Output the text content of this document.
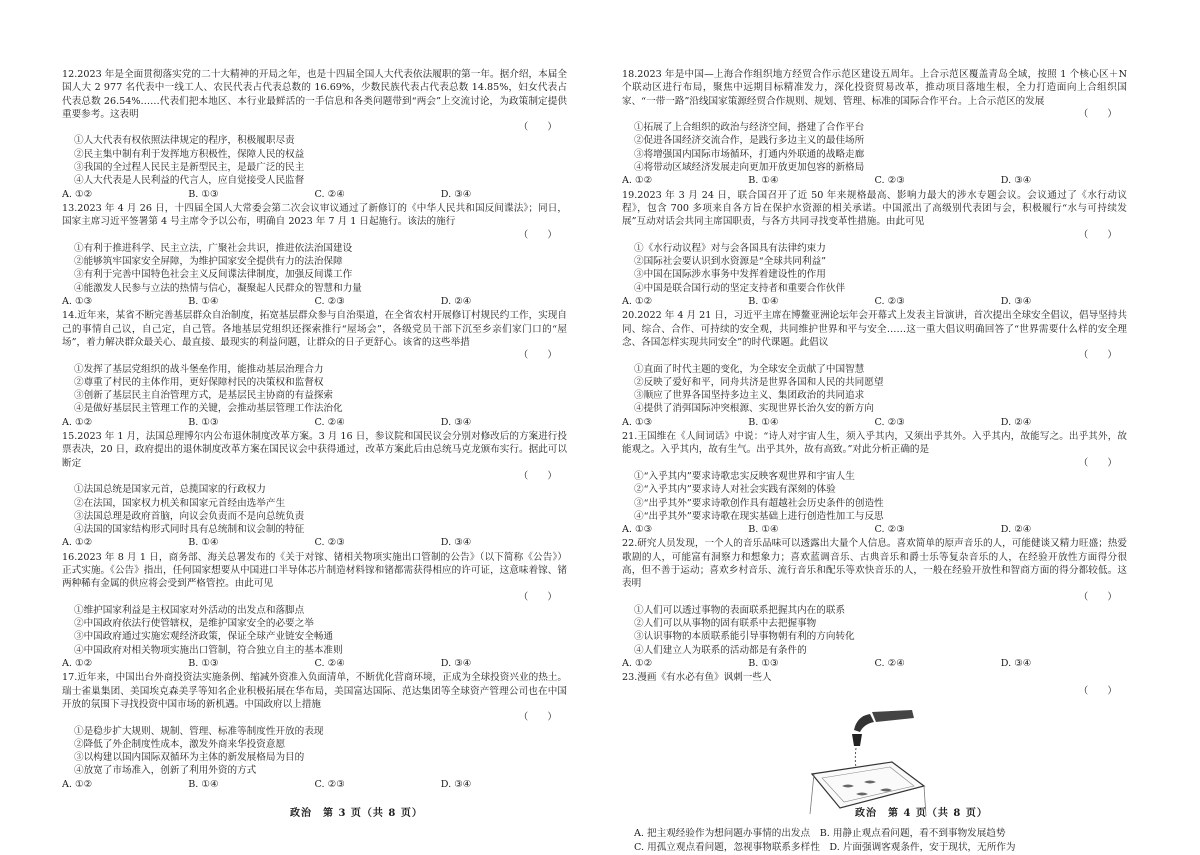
12.2023 年是全面贯彻落实党的二十大精神的开局之年，也是十四届全国人大代表依法履职的第一年。据介绍，本届全国人大 2 977 名代表中一线工人、农民代表占代表总数的 16.69%，少数民族代表占代表总数 14.85%，妇女代表占代表总数 26.54%……代表们把本地区、本行业最鲜活的一手信息和各类问题带到“两会”上交流讨论，为政策制定提供重要参考。这表明
（　　）
①人大代表有权依照法律规定的程序，积极履职尽责
②民主集中制有利于发挥地方积极性，保障人民的权益
③我国的全过程人民民主是新型民主，是最广泛的民主
④人大代表是人民利益的代言人，应自觉接受人民监督
A. ①②	B. ①③	C. ②④	D. ③④
13.2023 年 4 月 26 日，十四届全国人大常委会第二次会议审议通过了新修订的《中华人民共和国反间谍法》；同日，国家主席习近平签署第 4 号主席令予以公布，明确自 2023 年 7 月 1 日起施行。该法的施行
（　　）
①有利于推进科学、民主立法，广聚社会共识，推进依法治国建设
②能够筑牢国家安全屏障，为维护国家安全提供有力的法治保障
③有利于完善中国特色社会主义反间谍法律制度，加强反间谍工作
④能激发人民参与立法的热情与信心，凝聚起人民群众的智慧和力量
A. ①③	B. ①④	C. ②③	D. ②④
14.近年来，某省不断完善基层群众自治制度，拓宽基层群众参与自治渠道，在全省农村开展修订村规民约工作，实现自己的事情自己议，自己定，自己管。各地基层党组织还探索推行“屋场会”，各级党员干部下沉至乡亲们家门口的“屋场”，着力解决群众最关心、最直接、最现实的利益问题，让群众的日子更舒心。该省的这些举措
（　　）
①发挥了基层党组织的战斗堡垒作用，能推动基层治理合力
②尊重了村民的主体作用，更好保障村民的决策权和监督权
③创新了基层民主自治管理方式，是基层民主协商的有益探索
④是做好基层民主管理工作的关键，会推动基层管理工作法治化
A. ①②	B. ①③	C. ②④	D. ③④
15.2023 年 1 月，法国总理博尔内公布退休制度改革方案。3 月 16 日，参议院和国民议会分别对修改后的方案进行投票表决，20 日，政府提出的退休制度改革方案在国民议会中获得通过，改革方案此后由总统马克龙颁布实行。据此可以断定
（　　）
①法国总统是国家元首，总揽国家的行政权力
②在法国，国家权力机关和国家元首经由选举产生
③法国总理是政府首脑，向议会负责而不是向总统负责
④法国的国家结构形式同时具有总统制和议会制的特征
A. ①②	B. ①④	C. ②③	D. ③④
16.2023 年 8 月 1 日，商务部、海关总署发布的《关于对镓、锗相关物项实施出口管制的公告》（以下简称《公告》）正式实施。《公告》指出，任何国家想要从中国进口半导体芯片制造材料镓和锗都需获得相应的许可证，这意味着镓、锗两种稀有金属的供应将会受到严格管控。由此可见
（　　）
①维护国家利益是主权国家对外活动的出发点和落脚点
②中国政府依法行使管辖权，是维护国家安全的必要之举
③中国政府通过实施宏观经济政策，保证全球产业链安全畅通
④中国政府对相关物项实施出口管制，符合独立自主的基本准则
A. ①②	B. ①③	C. ②④	D. ③④
17.近年来，中国出台外商投资法实施条例、缩减外资准入负面清单，不断优化营商环境，正成为全球投资兴业的热土。瑞士雀巢集团、美国埃克森美孚等知名企业积极拓展在华布局，美国富达国际、范达集团等全球资产管理公司也在中国开放的氛围下寻找投资中国市场的新机遇。中国政府以上措施
（　　）
①是稳步扩大规则、规制、管理、标准等制度性开放的表现
②降低了外企制度性成本，激发外商来华投资意愿
③以构建以国内国际双循环为主体的新发展格局为目的
④放宽了市场准入，创新了利用外资的方式
A. ①②	B. ①④	C. ②③	D. ③④
18.2023 年是中国—上海合作组织地方经贸合作示范区建设五周年。上合示范区覆盖青岛全域，按照 1 个核心区＋N 个联动区进行布局，聚焦中远期目标精准发力，深化投资贸易改革，推动项目落地生根，全力打造面向上合组织国家、“一带一路”沿线国家策源经贸合作规则、规划、管理、标准的国际合作平台。上合示范区的发展
（　　）
①拓展了上合组织的政治与经济空间，搭建了合作平台
②促进各国经济交流合作，是践行多边主义的最佳场所
③将增强国内国际市场循环，打通内外联通的战略走廊
④将带动区域经济发展走向更加开放更加包容的新格局
A. ①②	B. ①④	C. ②③	D. ③④
19.2023 年 3 月 24 日，联合国召开了近 50 年来规格最高、影响力最大的涉水专题会议。会议通过了《水行动议程》，包含 700 多项来自各方旨在保护水资源的相关承诺。中国派出了高级别代表团与会，积极履行“水与可持续发展”互动对话会共同主席国职责，与各方共同寻找变革性措施。由此可见
（　　）
①《水行动议程》对与会各国具有法律约束力
②国际社会要认识到水资源是“全球共同利益”
③中国在国际涉水事务中发挥着建设性的作用
④中国是联合国行动的坚定支持者和重要合作伙伴
A. ①②	B. ①④	C. ②③	D. ③④
20.2022 年 4 月 21 日，习近平主席在博鳌亚洲论坛年会开幕式上发表主旨演讲，首次提出全球安全倡议，倡导坚持共同、综合、合作、可持续的安全观，共同维护世界和平与安全……这一重大倡议明确回答了“世界需要什么样的安全理念、各国怎样实现共同安全”的时代课题。此倡议
（　　）
①直面了时代主题的变化，为全球安全贡献了中国智慧
②反映了爱好和平，同舟共济是世界各国和人民的共同愿望
③顺应了世界各国坚持多边主义、集团政治的共同追求
④提供了消弭国际冲突根源、实现世界长治久安的新方向
A. ①③	B. ①④	C. ②③	D. ②④
21.王国维在《人间词话》中说：“诗人对宇宙人生，须入乎其内，又须出乎其外。入乎其内，故能写之。出乎其外，故能观之。入乎其内，故有生气。出乎其外，故有高致。”对此分析正确的是
（　　）
①“入乎其内”要求诗歌忠实反映客观世界和宇宙人生
②“入乎其内”要求诗人对社会实践有深刻的体验
③“出乎其外”要求诗歌创作具有超越社会历史条件的创造性
④“出乎其外”要求诗歌在现实基础上进行创造性加工与反思
A. ①③	B. ①④	C. ②③	D. ②④
22.研究人员发现，一个人的音乐品味可以透露出大量个人信息。喜欢简单的原声音乐的人，可能健谈又精力旺盛；热爱歌剧的人，可能富有洞察力和想象力；喜欢蓝调音乐、古典音乐和爵士乐等复杂音乐的人，在经验开放性方面得分很高，但不善于运动；喜欢乡村音乐、流行音乐和配乐等欢快音乐的人，一般在经验开放性和智商方面的得分都较低。这表明
（　　）
①人们可以透过事物的表面联系把握其内在的联系
②人们可以从事物的固有联系中去把握事物
③认识事物的本质联系能引导事物朝有利的方向转化
④人们建立人为联系的活动都是有条件的
A. ①②	B. ①③	C. ②④	D. ③④
23.漫画《有水必有鱼》讽刺一些人
（　　）
A. 把主观经验作为想问题办事情的出发点　B. 用静止观点看问题，看不到事物发展趋势
C. 用孤立观点看问题，忽视事物联系多样性　D. 片面强调客观条件，安于现状，无所作为
政治　第 3 页（共 8 页）	政治　第 4 页（共 8 页）
